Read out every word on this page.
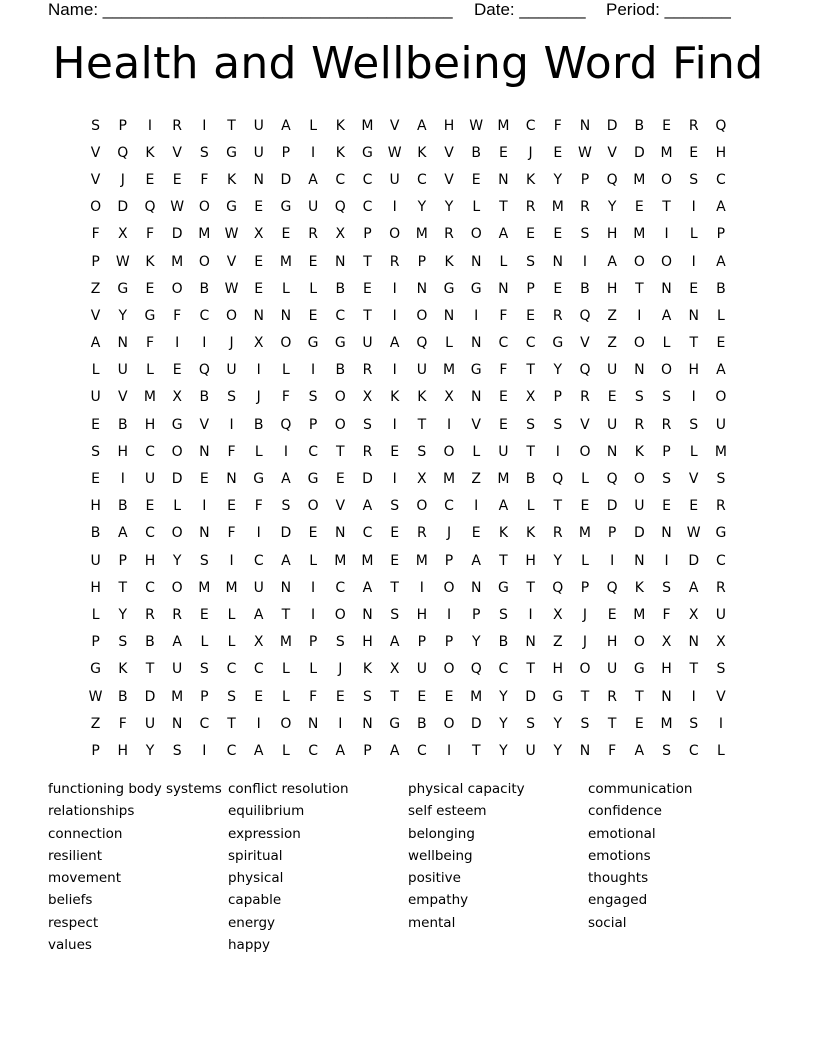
Name: _____________________________________ Date: _______ Period: _______
Health and Wellbeing Word Find
S	P	I	R	I	T	U	A	L	K	M	V	A	H	W	M	C	F	N	D	B	E	R	Q
V	Q	K	V	S	G	U	P	I	K	G	W	K	V	B	E	J	E	W	V	D	M	E	H
V	J	E	E	F	K	N	D	A	C	C	U	C	V	E	N	K	Y	P	Q	M	O	S	C
O	D	Q	W	O	G	E	G	U	Q	C	I	Y	Y	L	T	R	M	R	Y	E	T	I	A
F	X	F	D	M	W	X	E	R	X	P	O	M	R	O	A	E	E	S	H	M	I	L	P
P	W	K	M	O	V	E	M	E	N	T	R	P	K	N	L	S	N	I	A	O	O	I	A
Z	G	E	O	B	W	E	L	L	B	E	I	N	G	G	N	P	E	B	H	T	N	E	B
V	Y	G	F	C	O	N	N	E	C	T	I	O	N	I	F	E	R	Q	Z	I	A	N	L
A	N	F	I	I	J	X	O	G	G	U	A	Q	L	N	C	C	G	V	Z	O	L	T	E
L	U	L	E	Q	U	I	L	I	B	R	I	U	M	G	F	T	Y	Q	U	N	O	H	A
U	V	M	X	B	S	J	F	S	O	X	K	K	X	N	E	X	P	R	E	S	S	I	O
E	B	H	G	V	I	B	Q	P	O	S	I	T	I	V	E	S	S	V	U	R	R	S	U
S	H	C	O	N	F	L	I	C	T	R	E	S	O	L	U	T	I	O	N	K	P	L	M
E	I	U	D	E	N	G	A	G	E	D	I	X	M	Z	M	B	Q	L	Q	O	S	V	S
H	B	E	L	I	E	F	S	O	V	A	S	O	C	I	A	L	T	E	D	U	E	E	R
B	A	C	O	N	F	I	D	E	N	C	E	R	J	E	K	K	R	M	P	D	N	W	G
U	P	H	Y	S	I	C	A	L	M	M	E	M	P	A	T	H	Y	L	I	N	I	D	C
H	T	C	O	M	M	U	N	I	C	A	T	I	O	N	G	T	Q	P	Q	K	S	A	R
L	Y	R	R	E	L	A	T	I	O	N	S	H	I	P	S	I	X	J	E	M	F	X	U
P	S	B	A	L	L	X	M	P	S	H	A	P	P	Y	B	N	Z	J	H	O	X	N	X
G	K	T	U	S	C	C	L	L	J	K	X	U	O	Q	C	T	H	O	U	G	H	T	S
W	B	D	M	P	S	E	L	F	E	S	T	E	E	M	Y	D	G	T	R	T	N	I	V
Z	F	U	N	C	T	I	O	N	I	N	G	B	O	D	Y	S	Y	S	T	E	M	S	I
P	H	Y	S	I	C	A	L	C	A	P	A	C	I	T	Y	U	Y	N	F	A	S	C	L
functioning body systems
relationships
connection
resilient
movement
beliefs
respect
values
conflict resolution
equilibrium
expression
spiritual
physical
capable
energy
happy
physical capacity
self esteem
belonging
wellbeing
positive
empathy
mental
communication
confidence
emotional
emotions
thoughts
engaged
social
